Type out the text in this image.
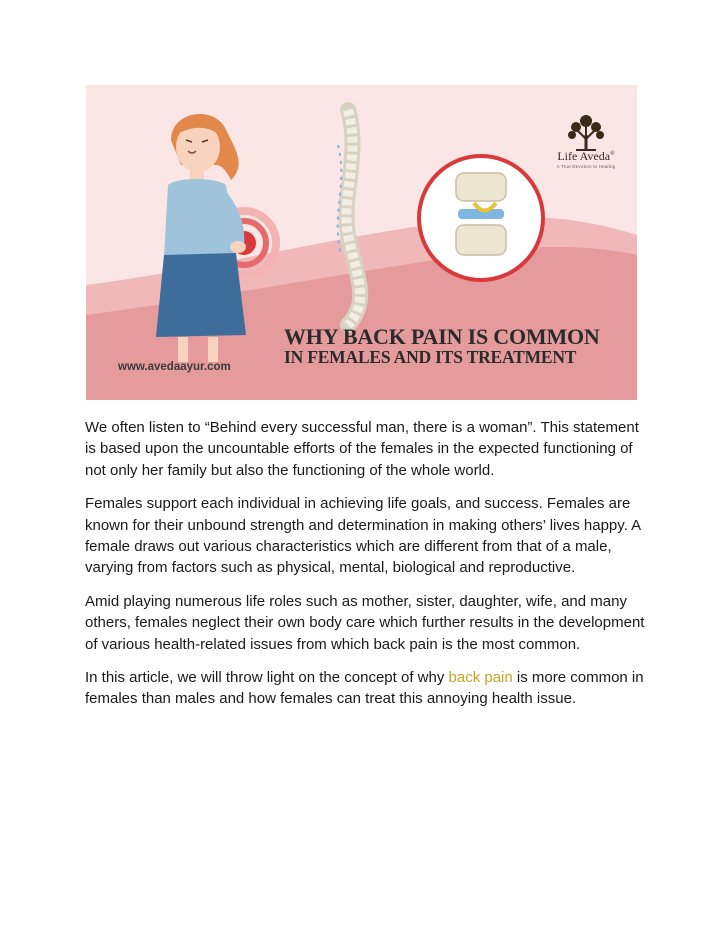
Life Aveda®
A True Devotion to Healing
www.avedaayur.com
WHY BACK PAIN IS COMMON
IN FEMALES AND ITS TREATMENT

We often listen to “Behind every successful man, there is a woman”. This statement is based upon the uncountable efforts of the females in the expected functioning of not only her family but also the functioning of the whole world.

Females support each individual in achieving life goals, and success. Females are known for their unbound strength and determination in making others’ lives happy. A female draws out various characteristics which are different from that of a male, varying from factors such as physical, mental, biological and reproductive.

Amid playing numerous life roles such as mother, sister, daughter, wife, and many others, females neglect their own body care which further results in the development of various health-related issues from which back pain is the most common.

In this article, we will throw light on the concept of why back pain is more common in females than males and how females can treat this annoying health issue.
